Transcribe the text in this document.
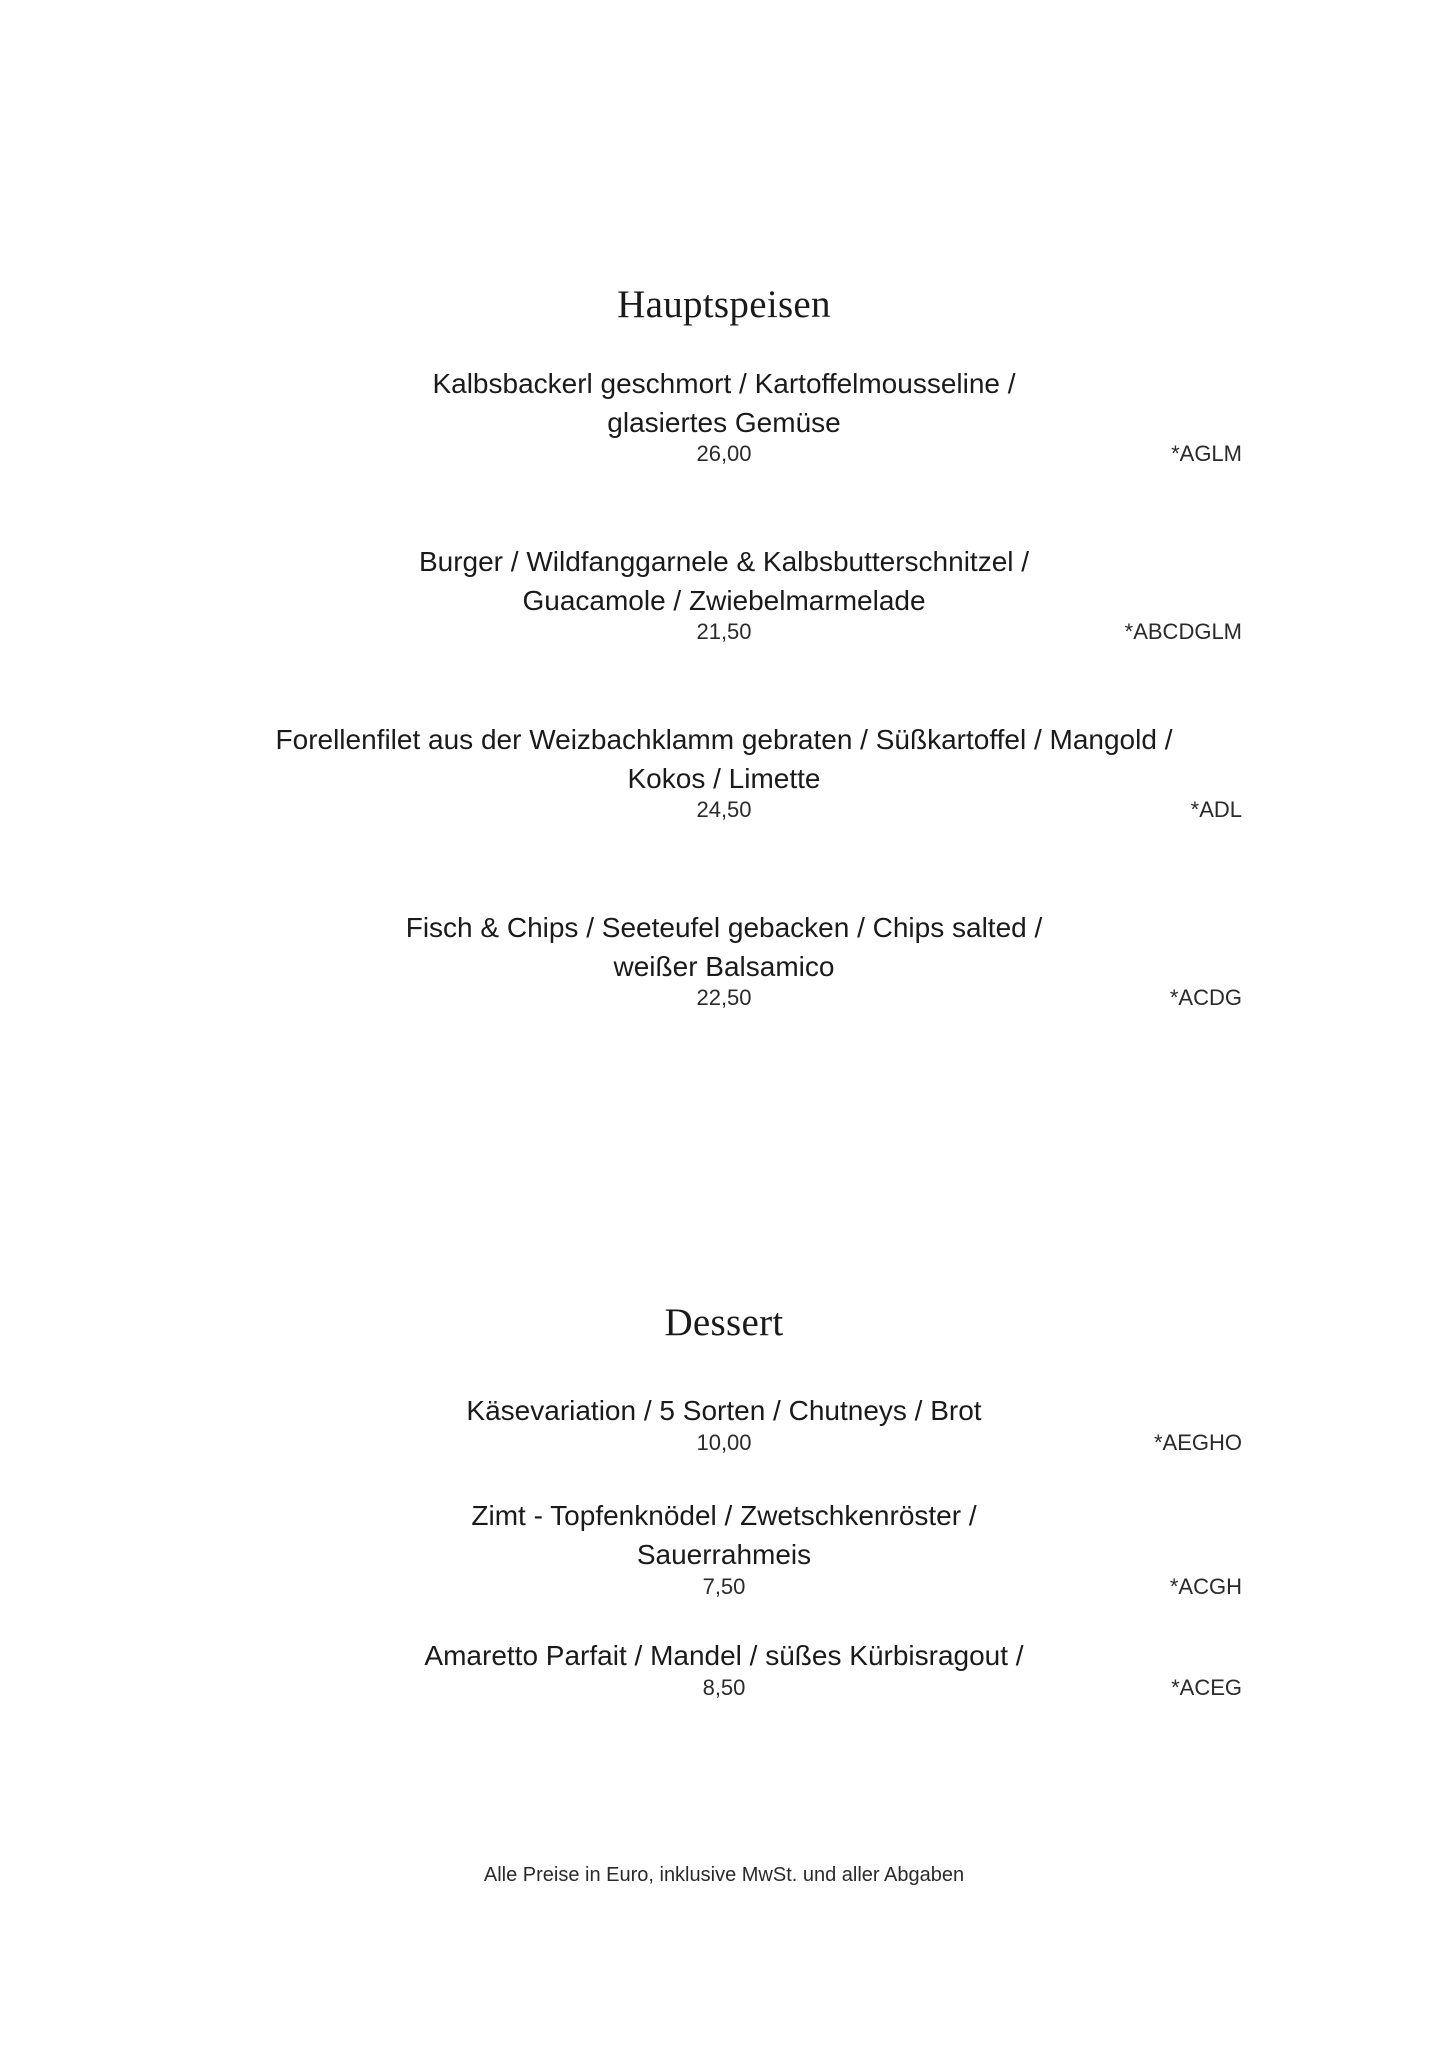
Hauptspeisen
Kalbsbackerl geschmort / Kartoffelmousseline /
glasiertes Gemüse
26,00	*AGLM
Burger / Wildfanggarnele & Kalbsbutterschnitzel /
Guacamole / Zwiebelmarmelade
21,50	*ABCDGLM
Forellenfilet aus der Weizbachklamm gebraten / Süßkartoffel / Mangold /
Kokos / Limette
24,50	*ADL
Fisch & Chips / Seeteufel gebacken / Chips salted /
weißer Balsamico
22,50	*ACDG
Dessert
Käsevariation / 5 Sorten / Chutneys / Brot
10,00	*AEGHO
Zimt - Topfenknödel / Zwetschkenröster /
Sauerrahmeis
7,50	*ACGH
Amaretto Parfait / Mandel / süßes Kürbisragout /
8,50	*ACEG
Alle Preise in Euro, inklusive MwSt. und aller Abgaben
